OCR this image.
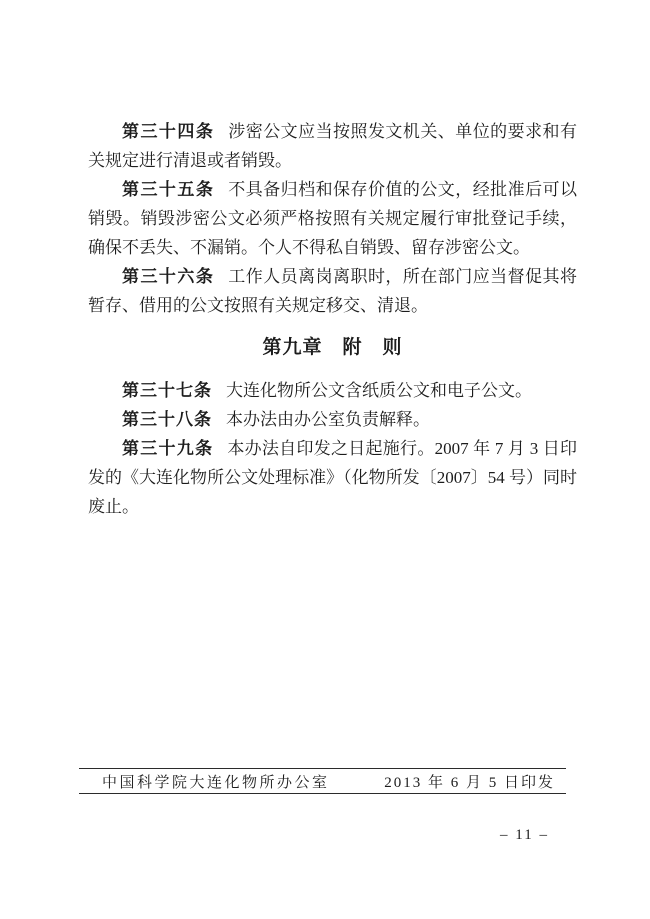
第三十四条 涉密公文应当按照发文机关、单位的要求和有关规定进行清退或者销毁。

第三十五条 不具备归档和保存价值的公文，经批准后可以销毁。销毁涉密公文必须严格按照有关规定履行审批登记手续，确保不丢失、不漏销。个人不得私自销毁、留存涉密公文。

第三十六条 工作人员离岗离职时，所在部门应当督促其将暂存、借用的公文按照有关规定移交、清退。

第九章　附　则

第三十七条 大连化物所公文含纸质公文和电子公文。

第三十八条 本办法由办公室负责解释。

第三十九条 本办法自印发之日起施行。2007 年 7 月 3 日印发的《大连化物所公文处理标准》（化物所发〔2007〕54 号）同时废止。

中国科学院大连化物所办公室	2013 年 6 月 5 日印发
– 11 –
